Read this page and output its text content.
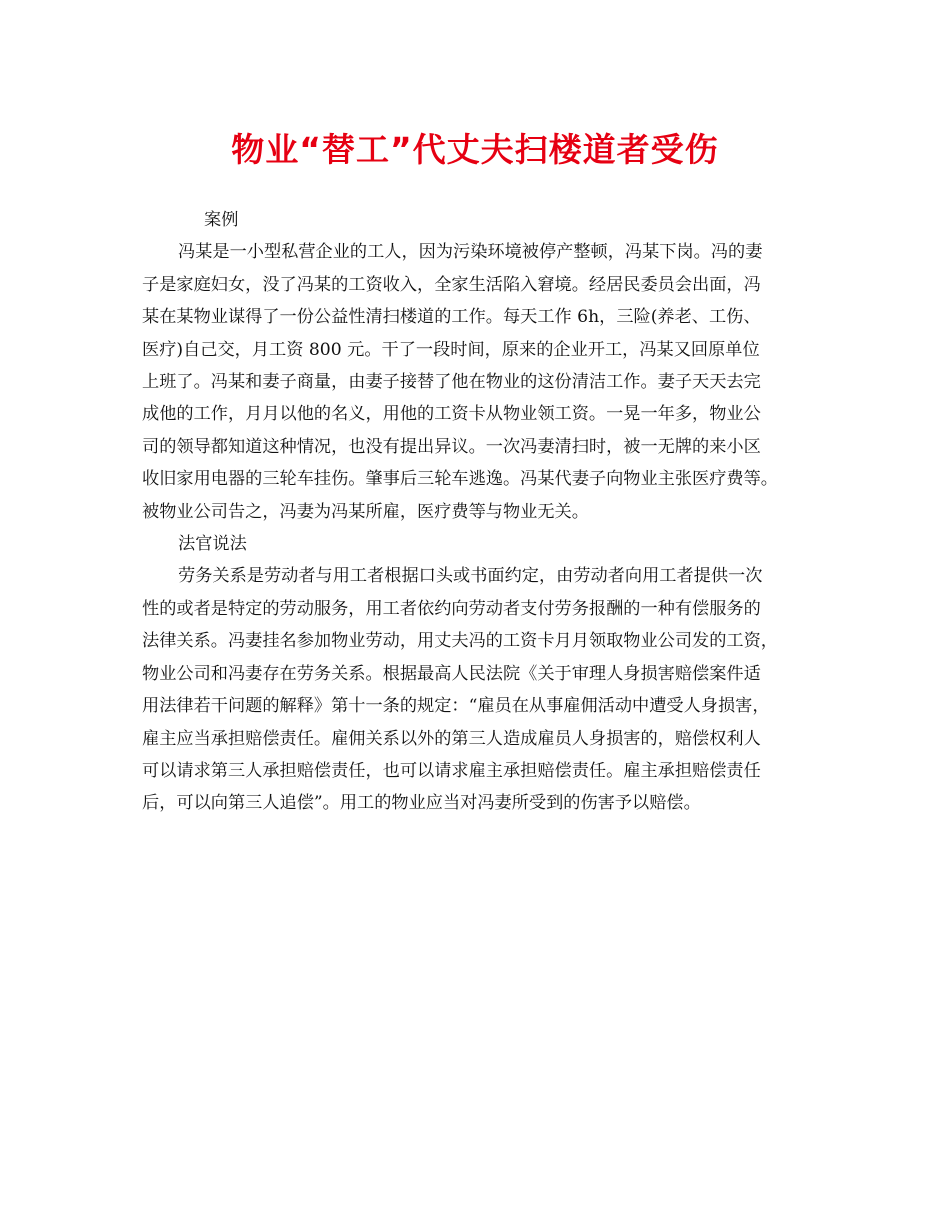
物业“替工”代丈夫扫楼道者受伤
案例
冯某是一小型私营企业的工人，因为污染环境被停产整顿，冯某下岗。冯的妻
子是家庭妇女，没了冯某的工资收入，全家生活陷入窘境。经居民委员会出面，冯
某在某物业谋得了一份公益性清扫楼道的工作。每天工作 6h，三险(养老、工伤、
医疗)自己交，月工资 800 元。干了一段时间，原来的企业开工，冯某又回原单位
上班了。冯某和妻子商量，由妻子接替了他在物业的这份清洁工作。妻子天天去完
成他的工作，月月以他的名义，用他的工资卡从物业领工资。一晃一年多，物业公
司的领导都知道这种情况，也没有提出异议。一次冯妻清扫时，被一无牌的来小区
收旧家用电器的三轮车挂伤。肇事后三轮车逃逸。冯某代妻子向物业主张医疗费等。
被物业公司告之，冯妻为冯某所雇，医疗费等与物业无关。
法官说法
劳务关系是劳动者与用工者根据口头或书面约定，由劳动者向用工者提供一次
性的或者是特定的劳动服务，用工者依约向劳动者支付劳务报酬的一种有偿服务的
法律关系。冯妻挂名参加物业劳动，用丈夫冯的工资卡月月领取物业公司发的工资，
物业公司和冯妻存在劳务关系。根据最高人民法院《关于审理人身损害赔偿案件适
用法律若干问题的解释》第十一条的规定：“雇员在从事雇佣活动中遭受人身损害，
雇主应当承担赔偿责任。雇佣关系以外的第三人造成雇员人身损害的，赔偿权利人
可以请求第三人承担赔偿责任，也可以请求雇主承担赔偿责任。雇主承担赔偿责任
后，可以向第三人追偿”。用工的物业应当对冯妻所受到的伤害予以赔偿。
